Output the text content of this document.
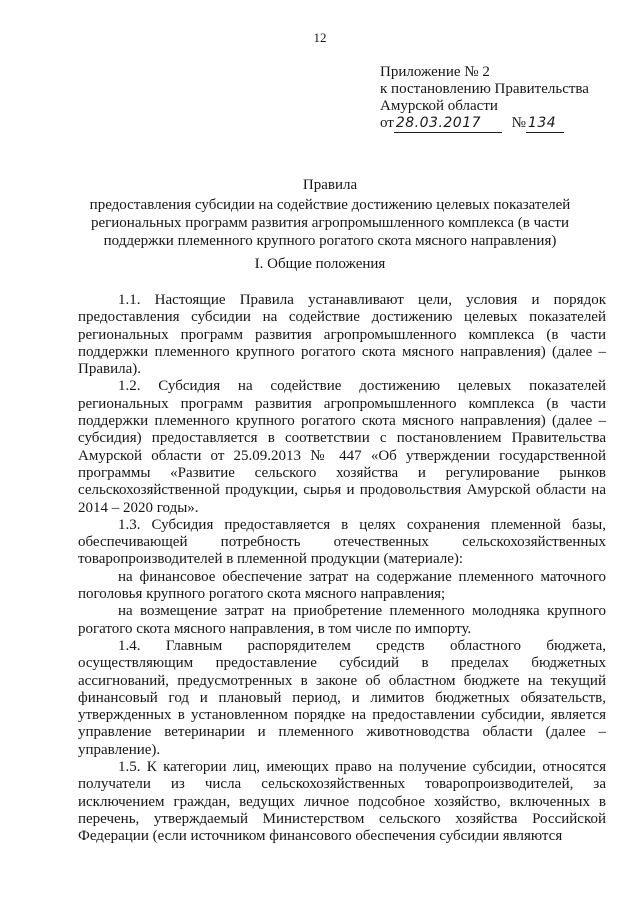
12
Приложение № 2
к постановлению Правительства
Амурской области
от 28.03.2017 № 134
Правила
предоставления субсидии на содействие достижению целевых показателей региональных программ развития агропромышленного комплекса (в части поддержки племенного крупного рогатого скота мясного направления)
I. Общие положения

1.1. Настоящие Правила устанавливают цели, условия и порядок предоставления субсидии на содействие достижению целевых показателей региональных программ развития агропромышленного комплекса (в части поддержки племенного крупного рогатого скота мясного направления) (далее – Правила).

1.2. Субсидия на содействие достижению целевых показателей региональных программ развития агропромышленного комплекса (в части поддержки племенного крупного рогатого скота мясного направления) (далее – субсидия) предоставляется в соответствии с постановлением Правительства Амурской области от 25.09.2013 № 447 «Об утверждении государственной программы «Развитие сельского хозяйства и регулирование рынков сельскохозяйственной продукции, сырья и продовольствия Амурской области на 2014 – 2020 годы».

1.3. Субсидия предоставляется в целях сохранения племенной базы, обеспечивающей потребность отечественных сельскохозяйственных товаропроизводителей в племенной продукции (материале):

на финансовое обеспечение затрат на содержание племенного маточного поголовья крупного рогатого скота мясного направления;

на возмещение затрат на приобретение племенного молодняка крупного рогатого скота мясного направления, в том числе по импорту.

1.4. Главным распорядителем средств областного бюджета, осуществляющим предоставление субсидий в пределах бюджетных ассигнований, предусмотренных в законе об областном бюджете на текущий финансовый год и плановый период, и лимитов бюджетных обязательств, утвержденных в установленном порядке на предоставлении субсидии, является управление ветеринарии и племенного животноводства области (далее – управление).

1.5. К категории лиц, имеющих право на получение субсидии, относятся получатели из числа сельскохозяйственных товаропроизводителей, за исключением граждан, ведущих личное подсобное хозяйство, включенных в перечень, утверждаемый Министерством сельского хозяйства Российской Федерации (если источником финансового обеспечения субсидии являются
